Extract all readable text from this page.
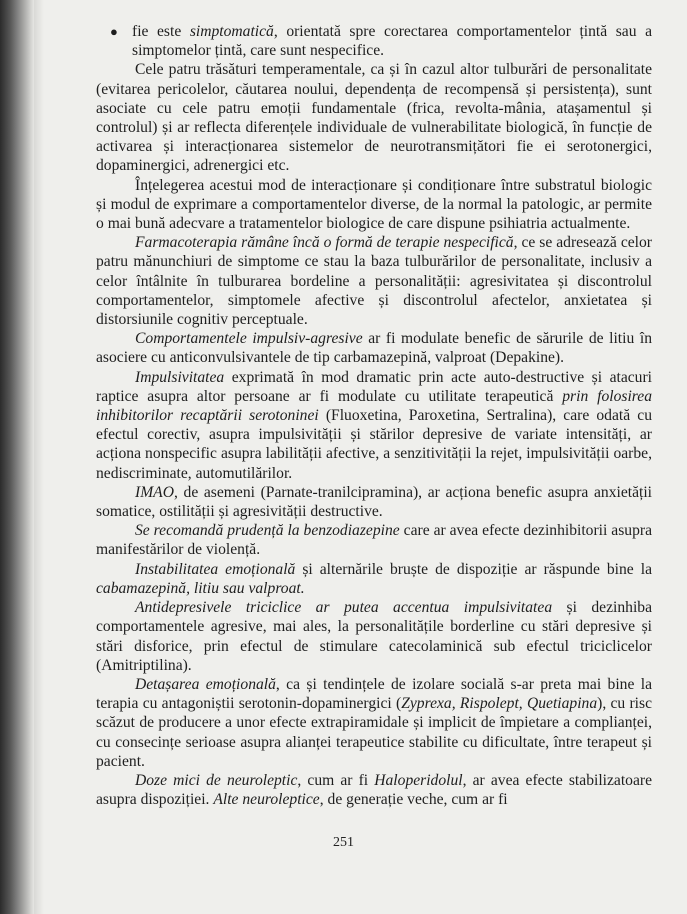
● fie este simptomatică, orientată spre corectarea comportamentelor țintă sau a simptomelor țintă, care sunt nespecifice.

Cele patru trăsături temperamentale, ca și în cazul altor tulburări de personalitate (evitarea pericolelor, căutarea noului, dependența de recompensă și persistența), sunt asociate cu cele patru emoții fundamentale (frica, revolta-mânia, atașamentul și controlul) și ar reflecta diferențele individuale de vulnerabilitate biologică, în funcție de activarea și interacționarea sistemelor de neurotransmițători fie ei serotonergici, dopaminergici, adrenergici etc.

Înțelegerea acestui mod de interacționare și condiționare între substratul biologic și modul de exprimare a comportamentelor diverse, de la normal la patologic, ar permite o mai bună adecvare a tratamentelor biologice de care dispune psihiatria actualmente.

Farmacoterapia rămâne încă o formă de terapie nespecifică, ce se adresează celor patru mănunchiuri de simptome ce stau la baza tulburărilor de personalitate, inclusiv a celor întâlnite în tulburarea bordeline a personalității: agresivitatea și discontrolul comportamentelor, simptomele afective și discontrolul afectelor, anxietatea și distorsiunile cognitiv perceptuale.

Comportamentele impulsiv-agresive ar fi modulate benefic de sărurile de litiu în asociere cu anticonvulsivantele de tip carbamazepină, valproat (Depakine).

Impulsivitatea exprimată în mod dramatic prin acte auto-destructive și atacuri raptice asupra altor persoane ar fi modulate cu utilitate terapeutică prin folosirea inhibitorilor recaptării serotoninei (Fluoxetina, Paroxetina, Sertralina), care odată cu efectul corectiv, asupra impulsivității și stărilor depresive de variate intensități, ar acționa nonspecific asupra labilității afective, a senzitivității la rejet, impulsivității oarbe, nediscriminate, automutilărilor.

IMAO, de asemeni (Parnate-tranilcipramina), ar acționa benefic asupra anxietății somatice, ostilității și agresivității destructive.

Se recomandă prudență la benzodiazepine care ar avea efecte dezinhibitorii asupra manifestărilor de violență.

Instabilitatea emoțională și alternările bruște de dispoziție ar răspunde bine la cabamazepină, litiu sau valproat.

Antidepresivele triciclice ar putea accentua impulsivitatea și dezinhiba comportamentele agresive, mai ales, la personalitățile borderline cu stări depresive și stări disforice, prin efectul de stimulare catecolaminică sub efectul triciclicelor (Amitriptilina).

Detașarea emoțională, ca și tendințele de izolare socială s-ar preta mai bine la terapia cu antagoniștii serotonin-dopaminergici (Zyprexa, Rispolept, Quetiapina), cu risc scăzut de producere a unor efecte extrapiramidale și implicit de împietare a complianței, cu consecințe serioase asupra alianței terapeutice stabilite cu dificultate, între terapeut și pacient.

Doze mici de neuroleptic, cum ar fi Haloperidolul, ar avea efecte stabilizatoare asupra dispoziției. Alte neuroleptice, de generație veche, cum ar fi

251
